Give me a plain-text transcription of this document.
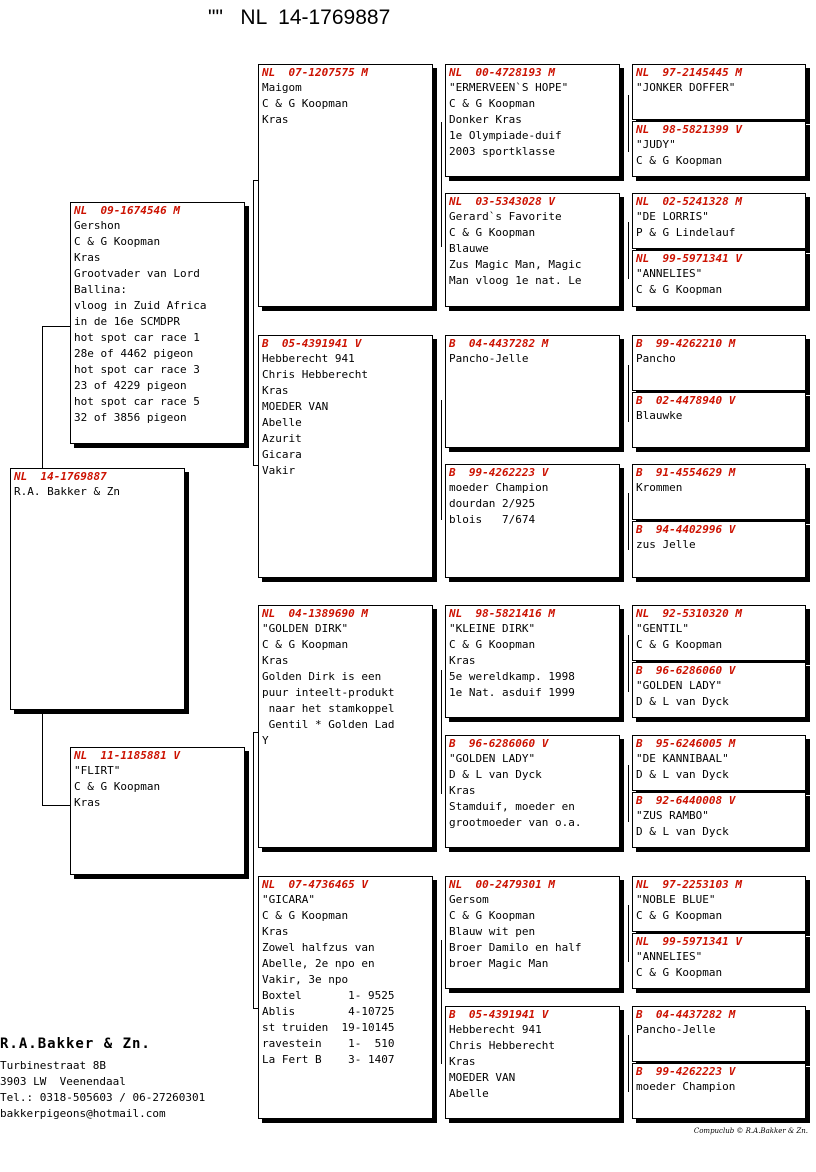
""   NL  14-1769887
NL  14-1769887
R.A. Bakker & Zn
NL  09-1674546 M
Gershon
C & G Koopman
Kras
Grootvader van Lord
Ballina:
vloog in Zuid Africa
in de 16e SCMDPR
hot spot car race 1
28e of 4462 pigeon
hot spot car race 3
23 of 4229 pigeon
hot spot car race 5
32 of 3856 pigeon
NL  11-1185881 V
"FLIRT"
C & G Koopman
Kras
NL  07-1207575 M
Maigom
C & G Koopman
Kras
B  05-4391941 V
Hebberecht 941
Chris Hebberecht
Kras
MOEDER VAN
Abelle
Azurit
Gicara
Vakir
NL  04-1389690 M
"GOLDEN DIRK"
C & G Koopman
Kras
Golden Dirk is een
puur inteelt-produkt
naar het stamkoppel
Gentil * Golden Lad
Y
NL  07-4736465 V
"GICARA"
C & G Koopman
Kras
Zowel halfzus van
Abelle, 2e npo en
Vakir, 3e npo
Boxtel       1- 9525
Ablis        4-10725
st truiden  19-10145
ravestein    1-  510
La Fert B    3- 1407
NL  00-4728193 M
"ERMERVEEN`S HOPE"
C & G Koopman
Donker Kras
1e Olympiade-duif
2003 sportklasse
NL  03-5343028 V
Gerard`s Favorite
C & G Koopman
Blauwe
Zus Magic Man, Magic
Man vloog 1e nat. Le
B  04-4437282 M
Pancho-Jelle
B  99-4262223 V
moeder Champion
dourdan 2/925
blois   7/674
NL  98-5821416 M
"KLEINE DIRK"
C & G Koopman
Kras
5e wereldkamp. 1998
1e Nat. asduif 1999
B  96-6286060 V
"GOLDEN LADY"
D & L van Dyck
Kras
Stamduif, moeder en
grootmoeder van o.a.
NL  00-2479301 M
Gersom
C & G Koopman
Blauw wit pen
Broer Damilo en half
broer Magic Man
B  05-4391941 V
Hebberecht 941
Chris Hebberecht
Kras
MOEDER VAN
Abelle
NL  97-2145445 M
"JONKER DOFFER"
NL  98-5821399 V
"JUDY"
C & G Koopman
NL  02-5241328 M
"DE LORRIS"
P & G Lindelauf
NL  99-5971341 V
"ANNELIES"
C & G Koopman
B  99-4262210 M
Pancho
B  02-4478940 V
Blauwke
B  91-4554629 M
Krommen
B  94-4402996 V
zus Jelle
NL  92-5310320 M
"GENTIL"
C & G Koopman
B  96-6286060 V
"GOLDEN LADY"
D & L van Dyck
B  95-6246005 M
"DE KANNIBAAL"
D & L van Dyck
B  92-6440008 V
"ZUS RAMBO"
D & L van Dyck
NL  97-2253103 M
"NOBLE BLUE"
C & G Koopman
NL  99-5971341 V
"ANNELIES"
C & G Koopman
B  04-4437282 M
Pancho-Jelle
B  99-4262223 V
moeder Champion
R.A.Bakker & Zn.
Turbinestraat 8B
3903 LW  Veenendaal
Tel.: 0318-505603 / 06-27260301
bakkerpigeons@hotmail.com
Compuclub © R.A.Bakker & Zn.
